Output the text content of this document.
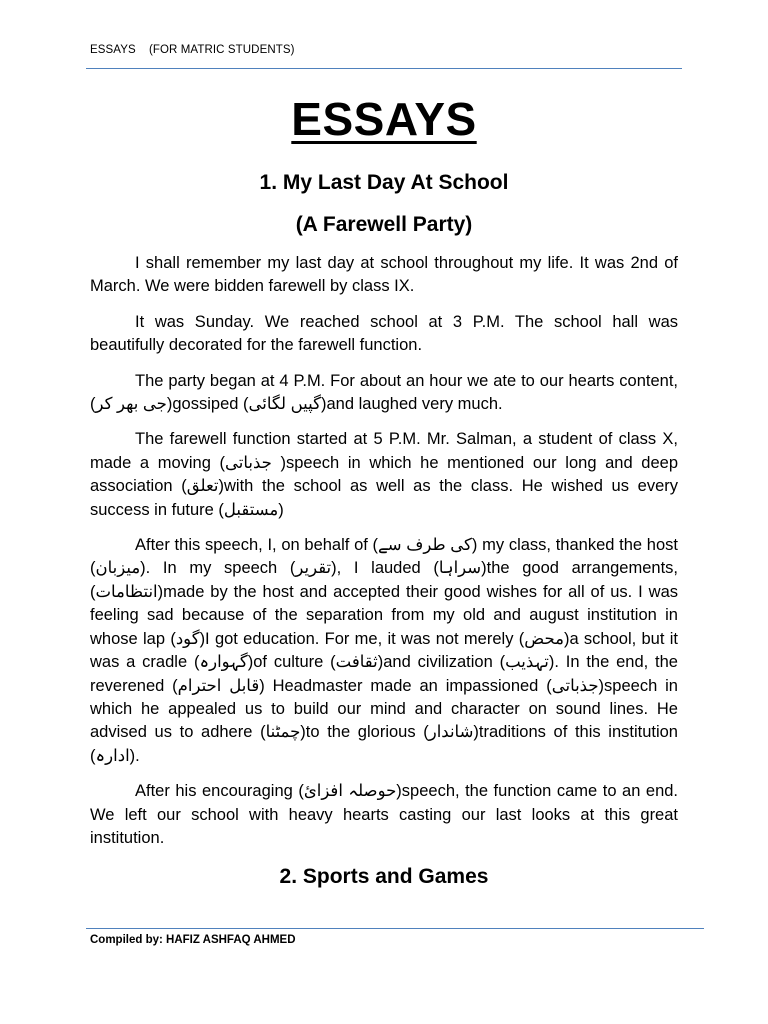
ESSAYS    (FOR MATRIC STUDENTS)
ESSAYS
1. My Last Day At School
(A Farewell Party)

I shall remember my last day at school throughout my life. It was 2nd of March. We were bidden farewell by class IX.

It was Sunday. We reached school at 3 P.M. The school hall was beautifully decorated for the farewell function.

The party began at 4 P.M. For about an hour we ate to our hearts content, (جی بھر کر)gossiped (گپیں لگائی)and laughed very much.

The farewell function started at 5 P.M. Mr. Salman, a student of class X, made a moving (جذباتی )speech in which he mentioned our long and deep association (تعلق)with the school as well as the class. He wished us every success in future (مستقبل)

After this speech, I, on behalf of (کی طرف سے) my class, thanked the host (میزبان). In my speech (تقریر), I lauded (سراہا)the good arrangements, (انتظامات)made by the host and accepted their good wishes for all of us. I was feeling sad because of the separation from my old and august institution in whose lap (گود)I got education. For me, it was not merely (محض)a school, but it was a cradle (گہوارہ)of culture (ثقافت)and civilization (تہذیب). In the end, the reverened (قابل احترام) Headmaster made an impassioned (جذباتی)speech in which he appealed us to build our mind and character on sound lines. He advised us to adhere (چمٹنا)to the glorious (شاندار)traditions of this institution (ادارہ).

After his encouraging (حوصلہ افزائ)speech, the function came to an end. We left our school with heavy hearts casting our last looks at this great institution.

2. Sports and Games
Compiled by: HAFIZ ASHFAQ AHMED
